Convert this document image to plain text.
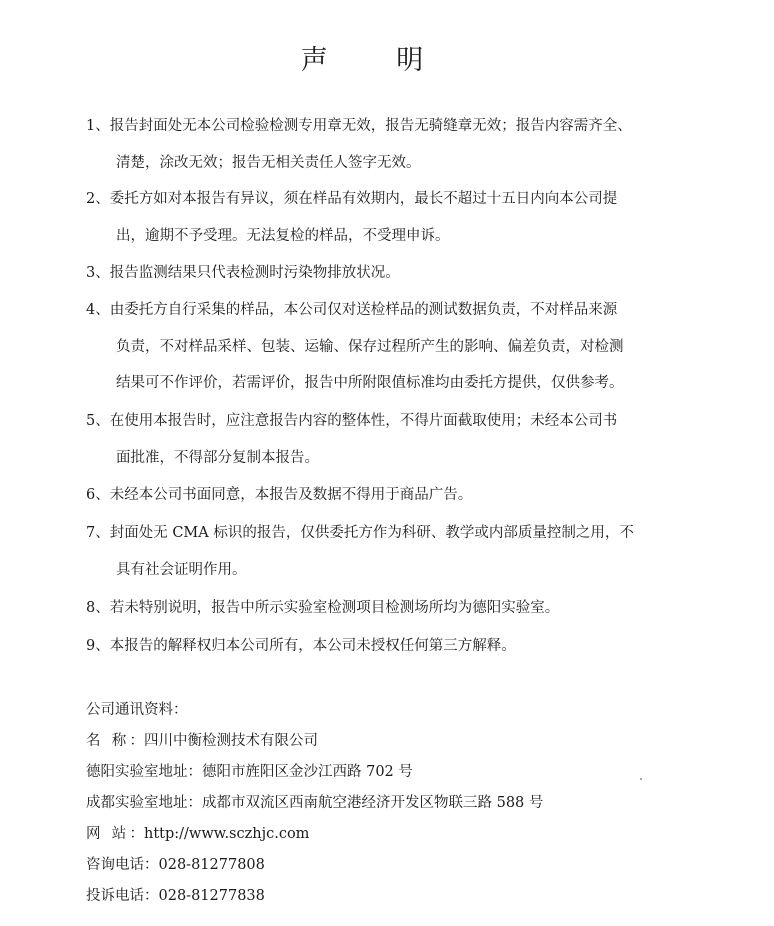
声 明
1、报告封面处无本公司检验检测专用章无效，报告无骑缝章无效；报告内容需齐全、
清楚，涂改无效；报告无相关责任人签字无效。
2、委托方如对本报告有异议，须在样品有效期内，最长不超过十五日内向本公司提
出，逾期不予受理。无法复检的样品，不受理申诉。
3、报告监测结果只代表检测时污染物排放状况。
4、由委托方自行采集的样品，本公司仅对送检样品的测试数据负责，不对样品来源
负责，不对样品采样、包装、运输、保存过程所产生的影响、偏差负责，对检测
结果可不作评价，若需评价，报告中所附限值标准均由委托方提供，仅供参考。
5、在使用本报告时，应注意报告内容的整体性，不得片面截取使用；未经本公司书
面批准，不得部分复制本报告。
6、未经本公司书面同意，本报告及数据不得用于商品广告。
7、封面处无 CMA 标识的报告，仅供委托方作为科研、教学或内部质量控制之用，不
具有社会证明作用。
8、若未特别说明，报告中所示实验室检测项目检测场所均为德阳实验室。
9、本报告的解释权归本公司所有，本公司未授权任何第三方解释。
公司通讯资料：
名 称：四川中衡检测技术有限公司
德阳实验室地址：德阳市旌阳区金沙江西路 702 号
成都实验室地址：成都市双流区西南航空港经济开发区物联三路 588 号
网 站：http://www.sczhjc.com
咨询电话：028-81277808
投诉电话：028-81277838
